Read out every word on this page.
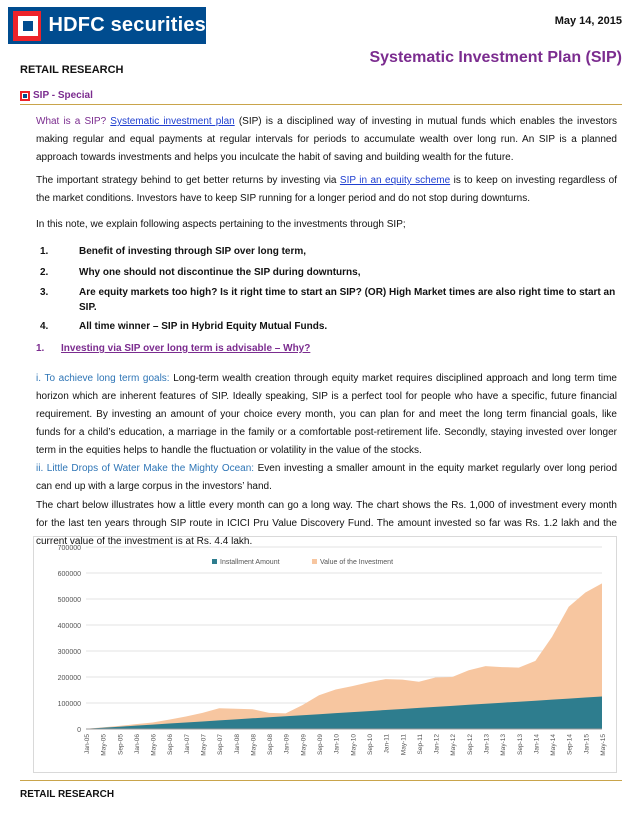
HDFC securities	May 14, 2015
Systematic Investment Plan (SIP)
RETAIL RESEARCH
SIP - Special

What is a SIP? Systematic investment plan (SIP) is a disciplined way of investing in mutual funds which enables the investors making regular and equal payments at regular intervals for periods to accumulate wealth over long run. An SIP is a planned approach towards investments and helps you inculcate the habit of saving and building wealth for the future.

The important strategy behind to get better returns by investing via SIP in an equity scheme is to keep on investing regardless of the market conditions. Investors have to keep SIP running for a longer period and do not stop during downturns.

In this note, we explain following aspects pertaining to the investments through SIP;

1.	Benefit of investing through SIP over long term,
2.	Why one should not discontinue the SIP during downturns,
3.	Are equity markets too high? Is it right time to start an SIP? (OR) High Market times are also right time to start an SIP.
4.	All time winner – SIP in Hybrid Equity Mutual Funds.
1.	Investing via SIP over long term is advisable – Why?

i. To achieve long term goals: Long-term wealth creation through equity market requires disciplined approach and long term time horizon which are inherent features of SIP. Ideally speaking, SIP is a perfect tool for people who have a specific, future financial requirement. By investing an amount of your choice every month, you can plan for and meet the long term financial goals, like funds for a child’s education, a marriage in the family or a comfortable post-retirement life. Secondly, staying invested over longer term in the equities helps to handle the fluctuation or volatility in the value of the stocks.

ii. Little Drops of Water Make the Mighty Ocean: Even investing a smaller amount in the equity market regularly over long period can end up with a large corpus in the investors’ hand.

The chart below illustrates how a little every month can go a long way. The chart shows the Rs. 1,000 of investment every month for the last ten years through SIP route in ICICI Pru Value Discovery Fund. The amount invested so far was Rs. 1.2 lakh and the current value of the investment is at Rs. 4.4 lakh.

0
100000
200000
300000
400000
500000
600000
700000
Jan-05 May-05 Sep-05 Jan-06 May-06 Sep-06 Jan-07 May-07 Sep-07 Jan-08 May-08 Sep-08 Jan-09 May-09 Sep-09 Jan-10 May-10 Sep-10 Jan-11 May-11 Sep-11 Jan-12 May-12 Sep-12 Jan-13 May-13 Sep-13 Jan-14 May-14 Sep-14 Jan-15 May-15
Installment Amount	Value of the Investment
RETAIL RESEARCH
